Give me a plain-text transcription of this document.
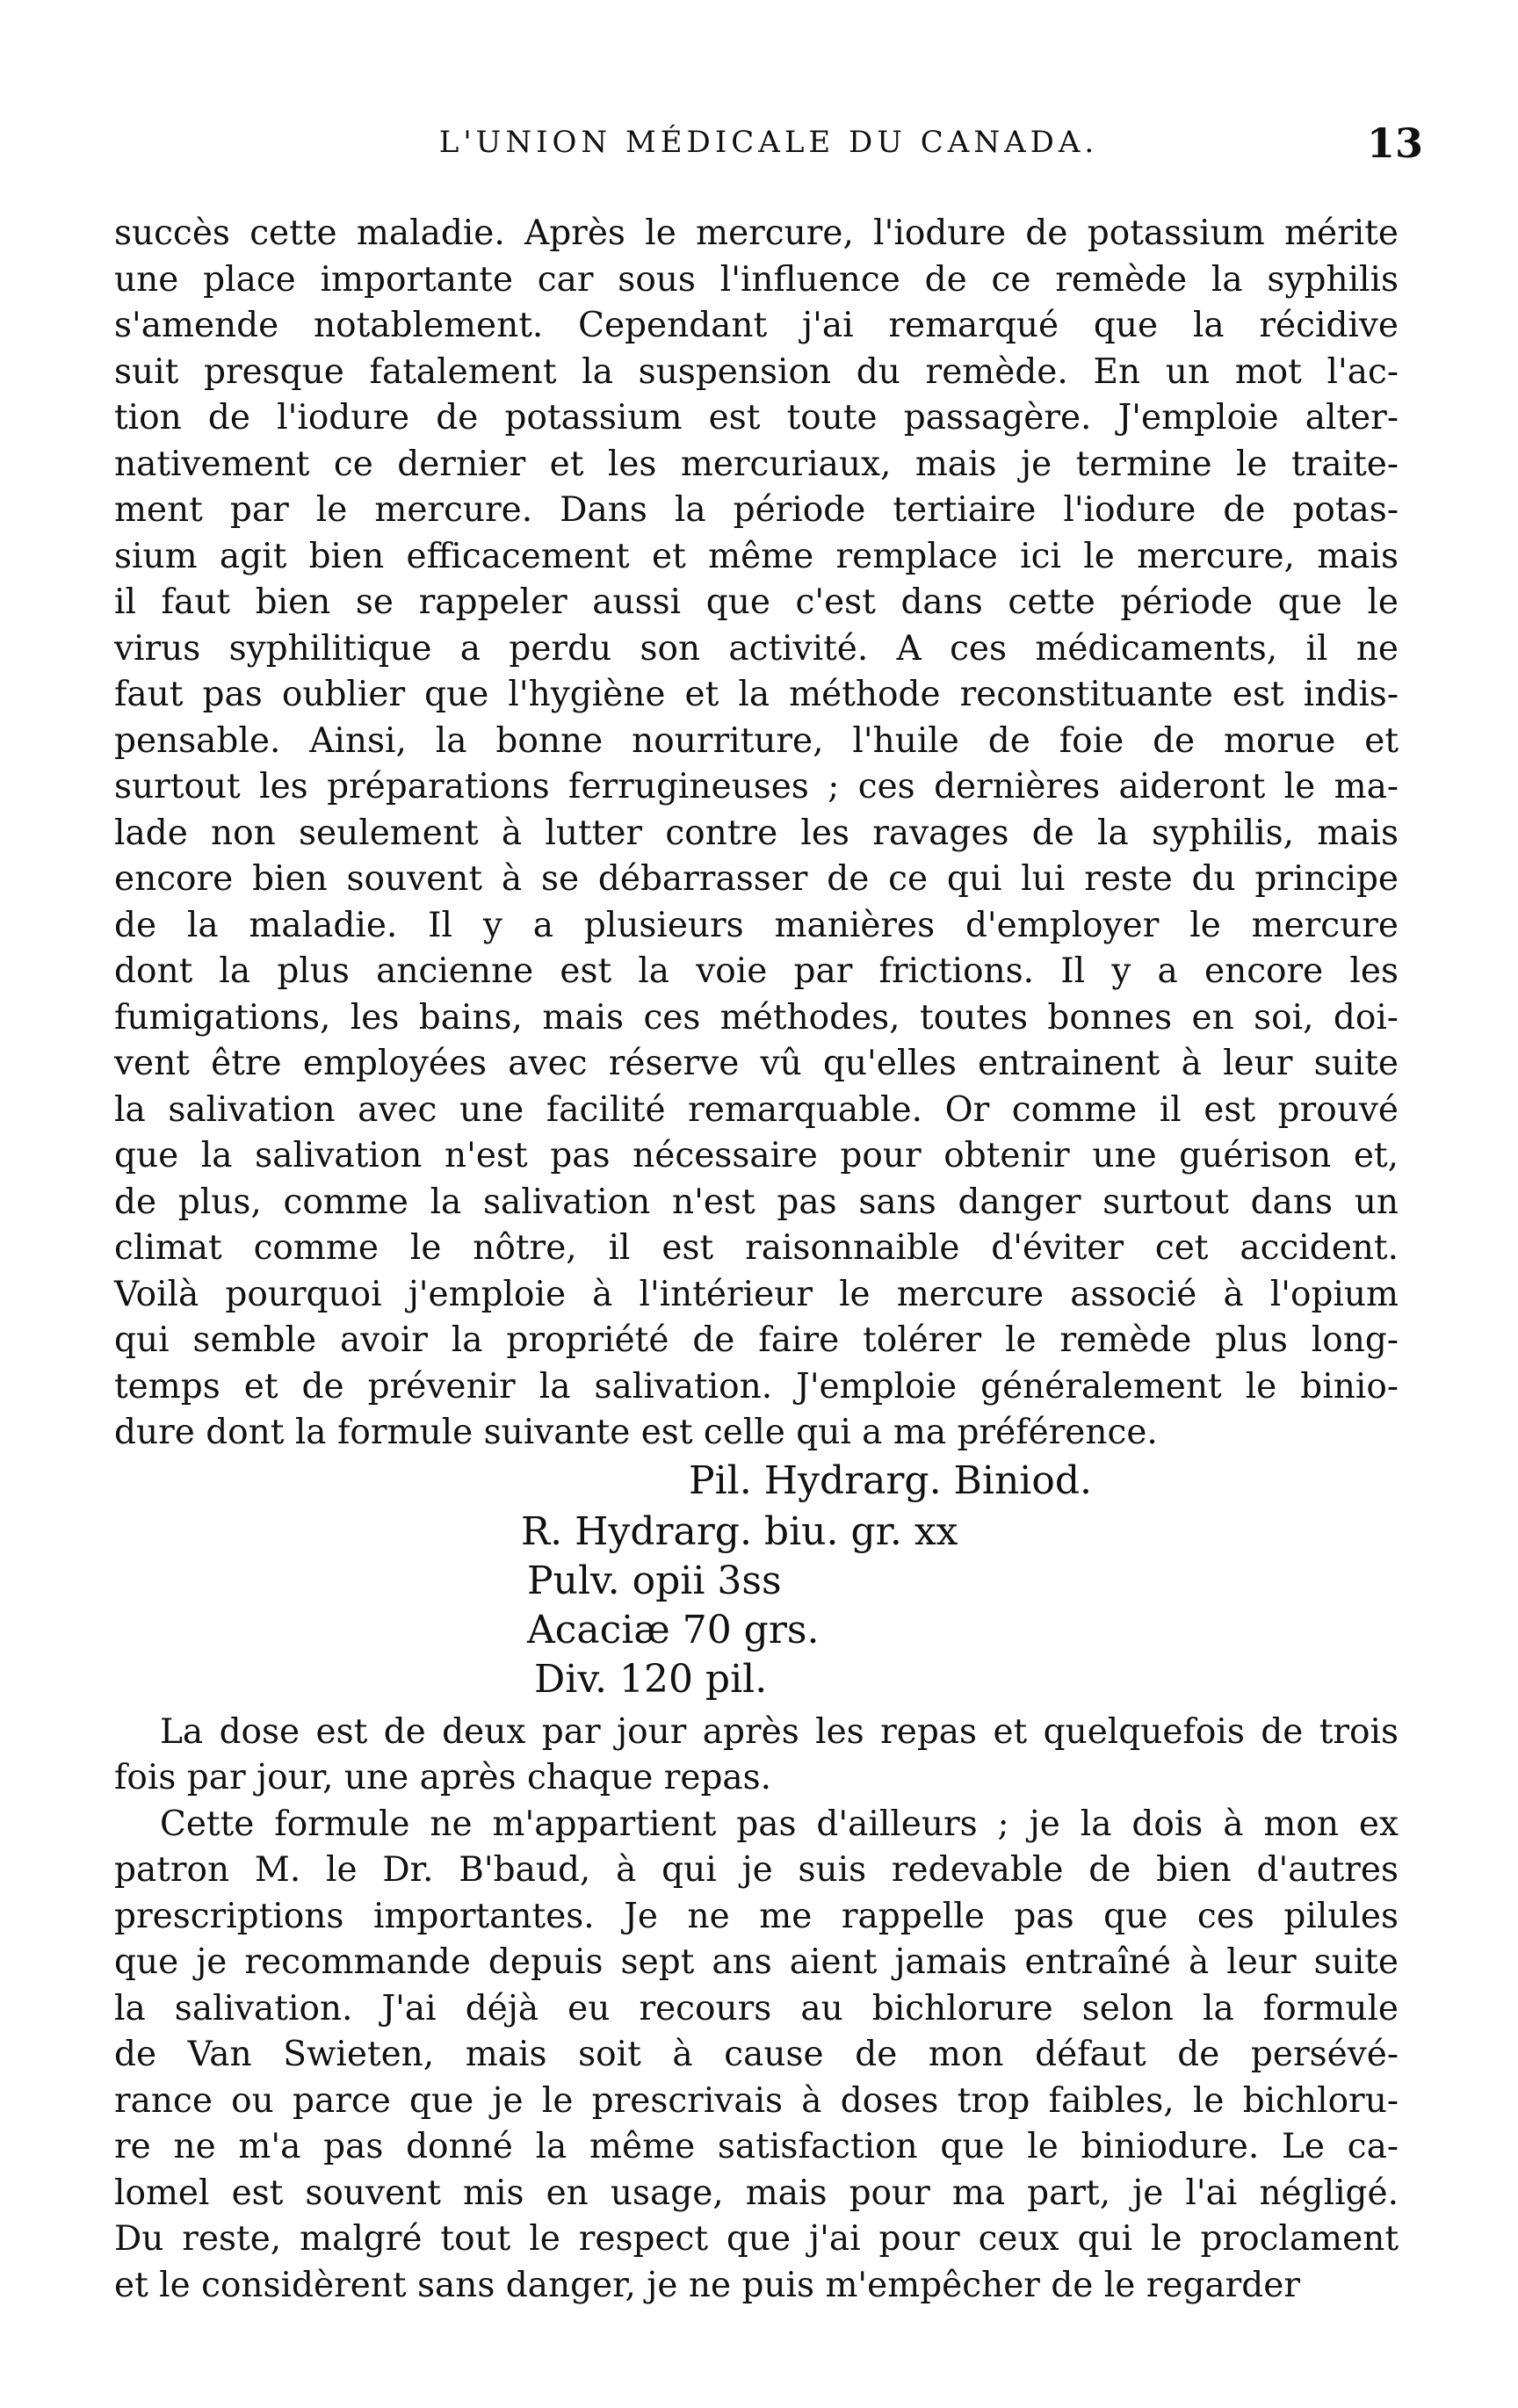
L'UNION MÉDICALE DU CANADA.	13
succès cette maladie. Après le mercure, l'iodure de potassium mérite
une place importante car sous l'influence de ce remède la syphilis
s'amende notablement. Cependant j'ai remarqué que la récidive
suit presque fatalement la suspension du remède. En un mot l'ac-
tion de l'iodure de potassium est toute passagère. J'emploie alter-
nativement ce dernier et les mercuriaux, mais je termine le traite-
ment par le mercure. Dans la période tertiaire l'iodure de potas-
sium agit bien efficacement et même remplace ici le mercure, mais
il faut bien se rappeler aussi que c'est dans cette période que le
virus syphilitique a perdu son activité. A ces médicaments, il ne
faut pas oublier que l'hygiène et la méthode reconstituante est indis-
pensable. Ainsi, la bonne nourriture, l'huile de foie de morue et
surtout les préparations ferrugineuses ; ces dernières aideront le ma-
lade non seulement à lutter contre les ravages de la syphilis, mais
encore bien souvent à se débarrasser de ce qui lui reste du principe
de la maladie. Il y a plusieurs manières d'employer le mercure
dont la plus ancienne est la voie par frictions. Il y a encore les
fumigations, les bains, mais ces méthodes, toutes bonnes en soi, doi-
vent être employées avec réserve vû qu'elles entrainent à leur suite
la salivation avec une facilité remarquable. Or comme il est prouvé
que la salivation n'est pas nécessaire pour obtenir une guérison et,
de plus, comme la salivation n'est pas sans danger surtout dans un
climat comme le nôtre, il est raisonnaible d'éviter cet accident.
Voilà pourquoi j'emploie à l'intérieur le mercure associé à l'opium
qui semble avoir la propriété de faire tolérer le remède plus long-
temps et de prévenir la salivation. J'emploie généralement le binio-
dure dont la formule suivante est celle qui a ma préférence.
Pil. Hydrarg. Biniod.
R. Hydrarg. biu. gr. xx
Pulv. opii 3ss
Acaciæ 70 grs.
Div. 120 pil.
La dose est de deux par jour après les repas et quelquefois de trois
fois par jour, une après chaque repas.
Cette formule ne m'appartient pas d'ailleurs ; je la dois à mon ex
patron M. le Dr. B'baud, à qui je suis redevable de bien d'autres
prescriptions importantes. Je ne me rappelle pas que ces pilules
que je recommande depuis sept ans aient jamais entraîné à leur suite
la salivation. J'ai déjà eu recours au bichlorure selon la formule
de Van Swieten, mais soit à cause de mon défaut de persévé-
rance ou parce que je le prescrivais à doses trop faibles, le bichloru-
re ne m'a pas donné la même satisfaction que le biniodure. Le ca-
lomel est souvent mis en usage, mais pour ma part, je l'ai négligé.
Du reste, malgré tout le respect que j'ai pour ceux qui le proclament
et le considèrent sans danger, je ne puis m'empêcher de le regarder
